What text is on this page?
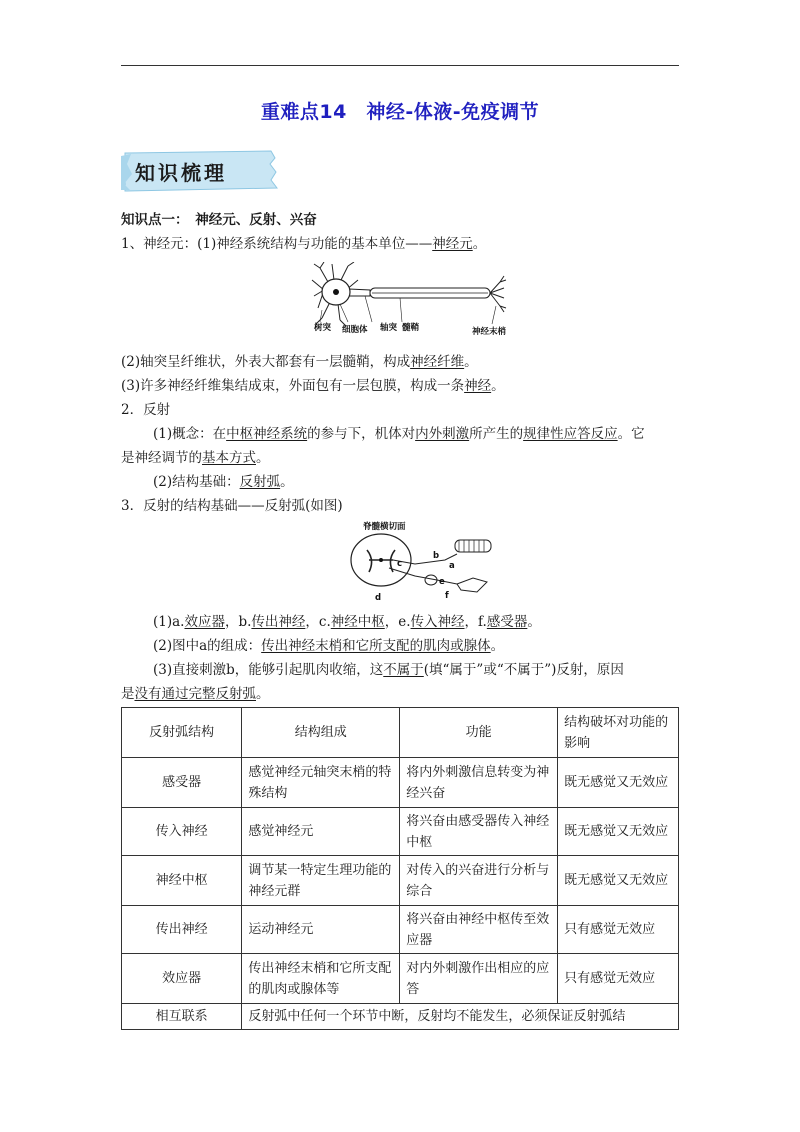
重难点14　神经-体液-免疫调节
知识梳理
知识点一：　神经元、反射、兴奋
1、神经元：(1)神经系统结构与功能的基本单位——神经元。
树突 细胞体 轴突 髓鞘	神经末梢
(2)轴突呈纤维状，外表大都套有一层髓鞘，构成神经纤维。
(3)许多神经纤维集结成束，外面包有一层包膜，构成一条神经。
2．反射
(1)概念：在中枢神经系统的参与下，机体对内外刺激所产生的规律性应答反应。它
是神经调节的基本方式。
(2)结构基础：反射弧。
3．反射的结构基础——反射弧(如图)
脊髓横切面
a
b
c
d
e
f
(1)a.效应器，b.传出神经，c.神经中枢，e.传入神经，f.感受器。
(2)图中a的组成：传出神经末梢和它所支配的肌肉或腺体。
(3)直接刺激b，能够引起肌肉收缩，这不属于(填“属于”或“不属于”)反射，原因
是没有通过完整反射弧。
反射弧结构	结构组成	功能	结构破坏对功能的影响
感受器	感觉神经元轴突末梢的特殊结构	将内外刺激信息转变为神经兴奋	既无感觉又无效应
传入神经	感觉神经元	将兴奋由感受器传入神经中枢	既无感觉又无效应
神经中枢	调节某一特定生理功能的神经元群	对传入的兴奋进行分析与综合	既无感觉又无效应
传出神经	运动神经元	将兴奋由神经中枢传至效应器	只有感觉无效应
效应器	传出神经末梢和它所支配的肌肉或腺体等	对内外刺激作出相应的应答	只有感觉无效应
相互联系	反射弧中任何一个环节中断，反射均不能发生，必须保证反射弧结		
